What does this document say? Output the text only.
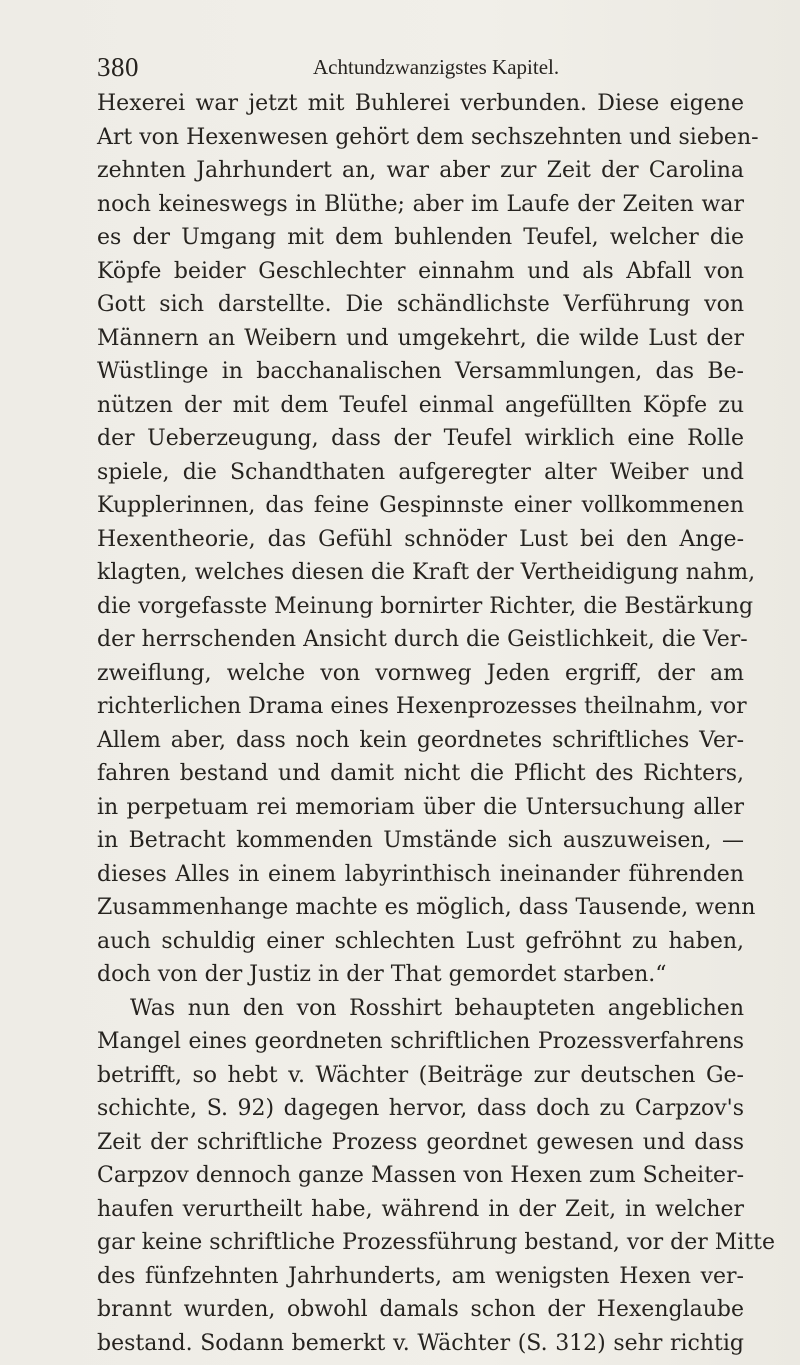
380	Achtundzwanzigstes Kapitel.
Hexerei war jetzt mit Buhlerei verbunden. Diese eigene
Art von Hexenwesen gehört dem sechszehnten und sieben-
zehnten Jahrhundert an, war aber zur Zeit der Carolina
noch keineswegs in Blüthe; aber im Laufe der Zeiten war
es der Umgang mit dem buhlenden Teufel, welcher die
Köpfe beider Geschlechter einnahm und als Abfall von
Gott sich darstellte. Die schändlichste Verführung von
Männern an Weibern und umgekehrt, die wilde Lust der
Wüstlinge in bacchanalischen Versammlungen, das Be-
nützen der mit dem Teufel einmal angefüllten Köpfe zu
der Ueberzeugung, dass der Teufel wirklich eine Rolle
spiele, die Schandthaten aufgeregter alter Weiber und
Kupplerinnen, das feine Gespinnste einer vollkommenen
Hexentheorie, das Gefühl schnöder Lust bei den Ange-
klagten, welches diesen die Kraft der Vertheidigung nahm,
die vorgefasste Meinung bornirter Richter, die Bestärkung
der herrschenden Ansicht durch die Geistlichkeit, die Ver-
zweiflung, welche von vornweg Jeden ergriff, der am
richterlichen Drama eines Hexenprozesses theilnahm, vor
Allem aber, dass noch kein geordnetes schriftliches Ver-
fahren bestand und damit nicht die Pflicht des Richters,
in perpetuam rei memoriam über die Untersuchung aller
in Betracht kommenden Umstände sich auszuweisen, —
dieses Alles in einem labyrinthisch ineinander führenden
Zusammenhange machte es möglich, dass Tausende, wenn
auch schuldig einer schlechten Lust gefröhnt zu haben,
doch von der Justiz in der That gemordet starben.“
Was nun den von Rosshirt behaupteten angeblichen
Mangel eines geordneten schriftlichen Prozessverfahrens
betrifft, so hebt v. Wächter (Beiträge zur deutschen Ge-
schichte, S. 92) dagegen hervor, dass doch zu Carpzov's
Zeit der schriftliche Prozess geordnet gewesen und dass
Carpzov dennoch ganze Massen von Hexen zum Scheiter-
haufen verurtheilt habe, während in der Zeit, in welcher
gar keine schriftliche Prozessführung bestand, vor der Mitte
des fünfzehnten Jahrhunderts, am wenigsten Hexen ver-
brannt wurden, obwohl damals schon der Hexenglaube
bestand. Sodann bemerkt v. Wächter (S. 312) sehr richtig
